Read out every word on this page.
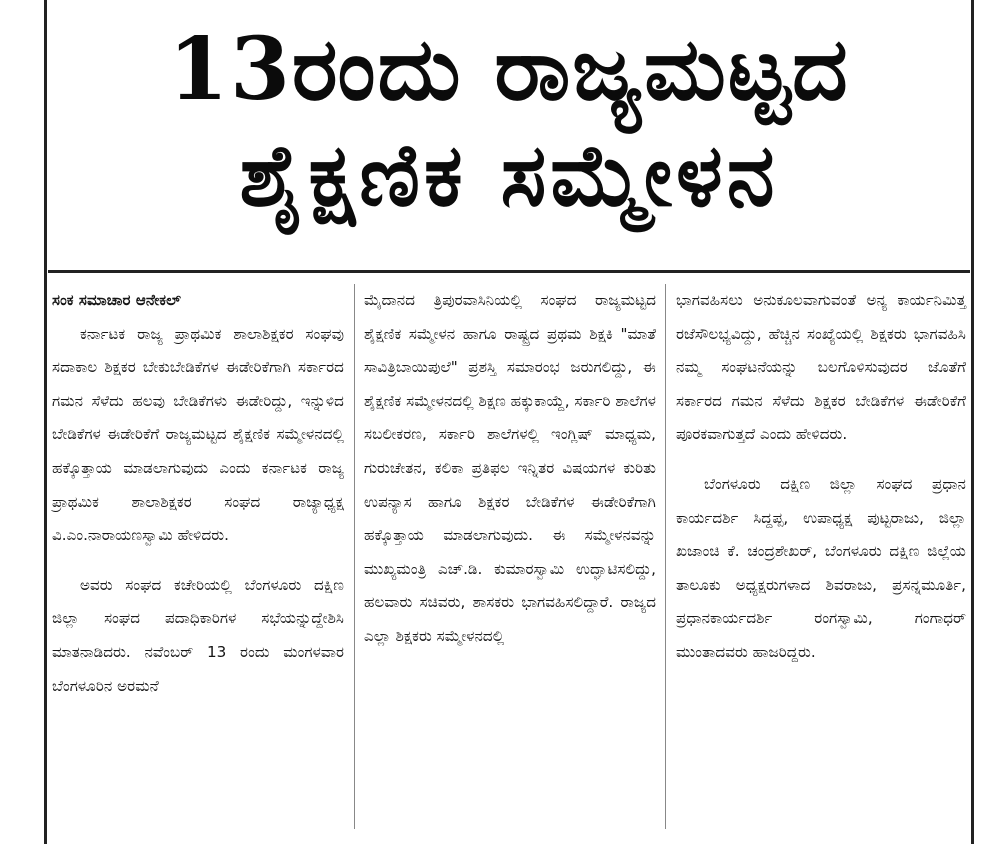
13ರಂದು ರಾಜ್ಯಮಟ್ಟದ
ಶೈಕ್ಷಣಿಕ ಸಮ್ಮೇಳನ
ಸಂಕ ಸಮಾಚಾರ ಆನೇಕಲ್
ಕರ್ನಾಟಕ ರಾಜ್ಯ ಪ್ರಾಥಮಿಕ ಶಾಲಾಶಿಕ್ಷಕರ ಸಂಘವು ಸದಾಕಾಲ ಶಿಕ್ಷಕರ ಬೇಕುಬೇಡಿಕೆಗಳ ಈಡೇರಿಕೆಗಾಗಿ ಸರ್ಕಾರದ ಗಮನ ಸೆಳೆದು ಹಲವು ಬೇಡಿಕೆಗಳು ಈಡೇರಿದ್ದು, ಇನ್ನುಳಿದ ಬೇಡಿಕೆಗಳ ಈಡೇರಿಕೆಗೆ ರಾಜ್ಯಮಟ್ಟದ ಶೈಕ್ಷಣಿಕ ಸಮ್ಮೇಳನದಲ್ಲಿ ಹಕ್ಕೊತ್ತಾಯ ಮಾಡಲಾಗುವುದು ಎಂದು ಕರ್ನಾಟಕ ರಾಜ್ಯ ಪ್ರಾಥಮಿಕ ಶಾಲಾಶಿಕ್ಷಕರ ಸಂಘದ ರಾಜ್ಯಾಧ್ಯಕ್ಷ ವಿ.ಎಂ.ನಾರಾಯಣಸ್ವಾಮಿ ಹೇಳಿದರು.
ಅವರು ಸಂಘದ ಕಚೇರಿಯಲ್ಲಿ ಬೆಂಗಳೂರು ದಕ್ಷಿಣ ಜಿಲ್ಲಾ ಸಂಘದ ಪದಾಧಿಕಾರಿಗಳ ಸಭೆಯನ್ನುದ್ದೇಶಿಸಿ ಮಾತನಾಡಿದರು. ನವೆಂಬರ್ 13 ರಂದು ಮಂಗಳವಾರ ಬೆಂಗಳೂರಿನ ಅರಮನೆ
ಮೈದಾನದ ತ್ರಿಪುರವಾಸಿನಿಯಲ್ಲಿ ಸಂಘದ ರಾಜ್ಯಮಟ್ಟದ ಶೈಕ್ಷಣಿಕ ಸಮ್ಮೇಳನ ಹಾಗೂ ರಾಷ್ಟ್ರದ ಪ್ರಥಮ ಶಿಕ್ಷಕಿ "ಮಾತೆ ಸಾವಿತ್ರಿಬಾಯಿಪುಲೆ" ಪ್ರಶಸ್ತಿ ಸಮಾರಂಭ ಜರುಗಲಿದ್ದು, ಈ ಶೈಕ್ಷಣಿಕ ಸಮ್ಮೇಳನದಲ್ಲಿ ಶಿಕ್ಷಣ ಹಕ್ಕುಕಾಯ್ದೆ, ಸರ್ಕಾರಿ ಶಾಲೆಗಳ ಸಬಲೀಕರಣ, ಸರ್ಕಾರಿ ಶಾಲೆಗಳಲ್ಲಿ ಇಂಗ್ಲಿಷ್ ಮಾಧ್ಯಮ, ಗುರುಚೇತನ, ಕಲಿಕಾ ಪ್ರತಿಫಲ ಇನ್ನಿತರ ವಿಷಯಗಳ ಕುರಿತು ಉಪನ್ಯಾಸ ಹಾಗೂ ಶಿಕ್ಷಕರ ಬೇಡಿಕೆಗಳ ಈಡೇರಿಕೆಗಾಗಿ ಹಕ್ಕೊತ್ತಾಯ ಮಾಡಲಾಗುವುದು. ಈ ಸಮ್ಮೇಳನವನ್ನು ಮುಖ್ಯಮಂತ್ರಿ ಎಚ್.ಡಿ. ಕುಮಾರಸ್ವಾಮಿ ಉದ್ಘಾಟಿಸಲಿದ್ದು, ಹಲವಾರು ಸಚಿವರು, ಶಾಸಕರು ಭಾಗವಹಿಸಲಿದ್ದಾರೆ. ರಾಜ್ಯದ ಎಲ್ಲಾ ಶಿಕ್ಷಕರು ಸಮ್ಮೇಳನದಲ್ಲಿ
ಭಾಗವಹಿಸಲು ಅನುಕೂಲವಾಗುವಂತೆ ಅನ್ಯ ಕಾರ್ಯನಿಮಿತ್ತ ರಜೆಸೌಲಭ್ಯವಿದ್ದು, ಹೆಚ್ಚಿನ ಸಂಖ್ಯೆಯಲ್ಲಿ ಶಿಕ್ಷಕರು ಭಾಗವಹಿಸಿ ನಮ್ಮ ಸಂಘಟನೆಯನ್ನು ಬಲಗೊಳಿಸುವುದರ ಜೊತೆಗೆ ಸರ್ಕಾರದ ಗಮನ ಸೆಳೆದು ಶಿಕ್ಷಕರ ಬೇಡಿಕೆಗಳ ಈಡೇರಿಕೆಗೆ ಪೂರಕವಾಗುತ್ತದೆ ಎಂದು ಹೇಳಿದರು.
ಬೆಂಗಳೂರು ದಕ್ಷಿಣ ಜಿಲ್ಲಾ ಸಂಘದ ಪ್ರಧಾನ ಕಾರ್ಯದರ್ಶಿ ಸಿದ್ದಪ್ಪ, ಉಪಾಧ್ಯಕ್ಷ ಪುಟ್ಟರಾಜು, ಜಿಲ್ಲಾ ಖಜಾಂಚಿ ಕೆ. ಚಂದ್ರಶೇಖರ್, ಬೆಂಗಳೂರು ದಕ್ಷಿಣ ಜಿಲ್ಲೆಯ ತಾಲೂಕು ಅಧ್ಯಕ್ಷರುಗಳಾದ ಶಿವರಾಜು, ಪ್ರಸನ್ನಮೂರ್ತಿ, ಪ್ರಧಾನಕಾರ್ಯದರ್ಶಿ ರಂಗಸ್ವಾಮಿ, ಗಂಗಾಧರ್ ಮುಂತಾದವರು ಹಾಜರಿದ್ದರು.
